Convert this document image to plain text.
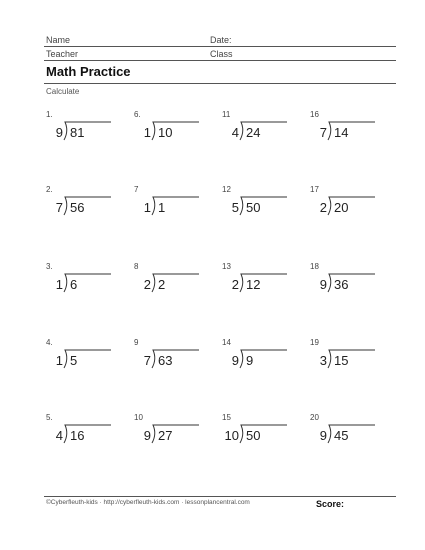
Name	Date:
Teacher	Class
Math Practice
Calculate
1.
9 81
2.
7 56
3.
1 6
4.
1 5
5.
4 16
6.
1 10
7
1 1
8
2 2
9
7 63
10
9 27
11
4 24
12
5 50
13
2 12
14
9 9
15
10 50
16
7 14
17
2 20
18
9 36
19
3 15
20
9 45
©Cyberfleuth-kids · http://cyberfleuth-kids.com · lessonplancentral.com	Score:
